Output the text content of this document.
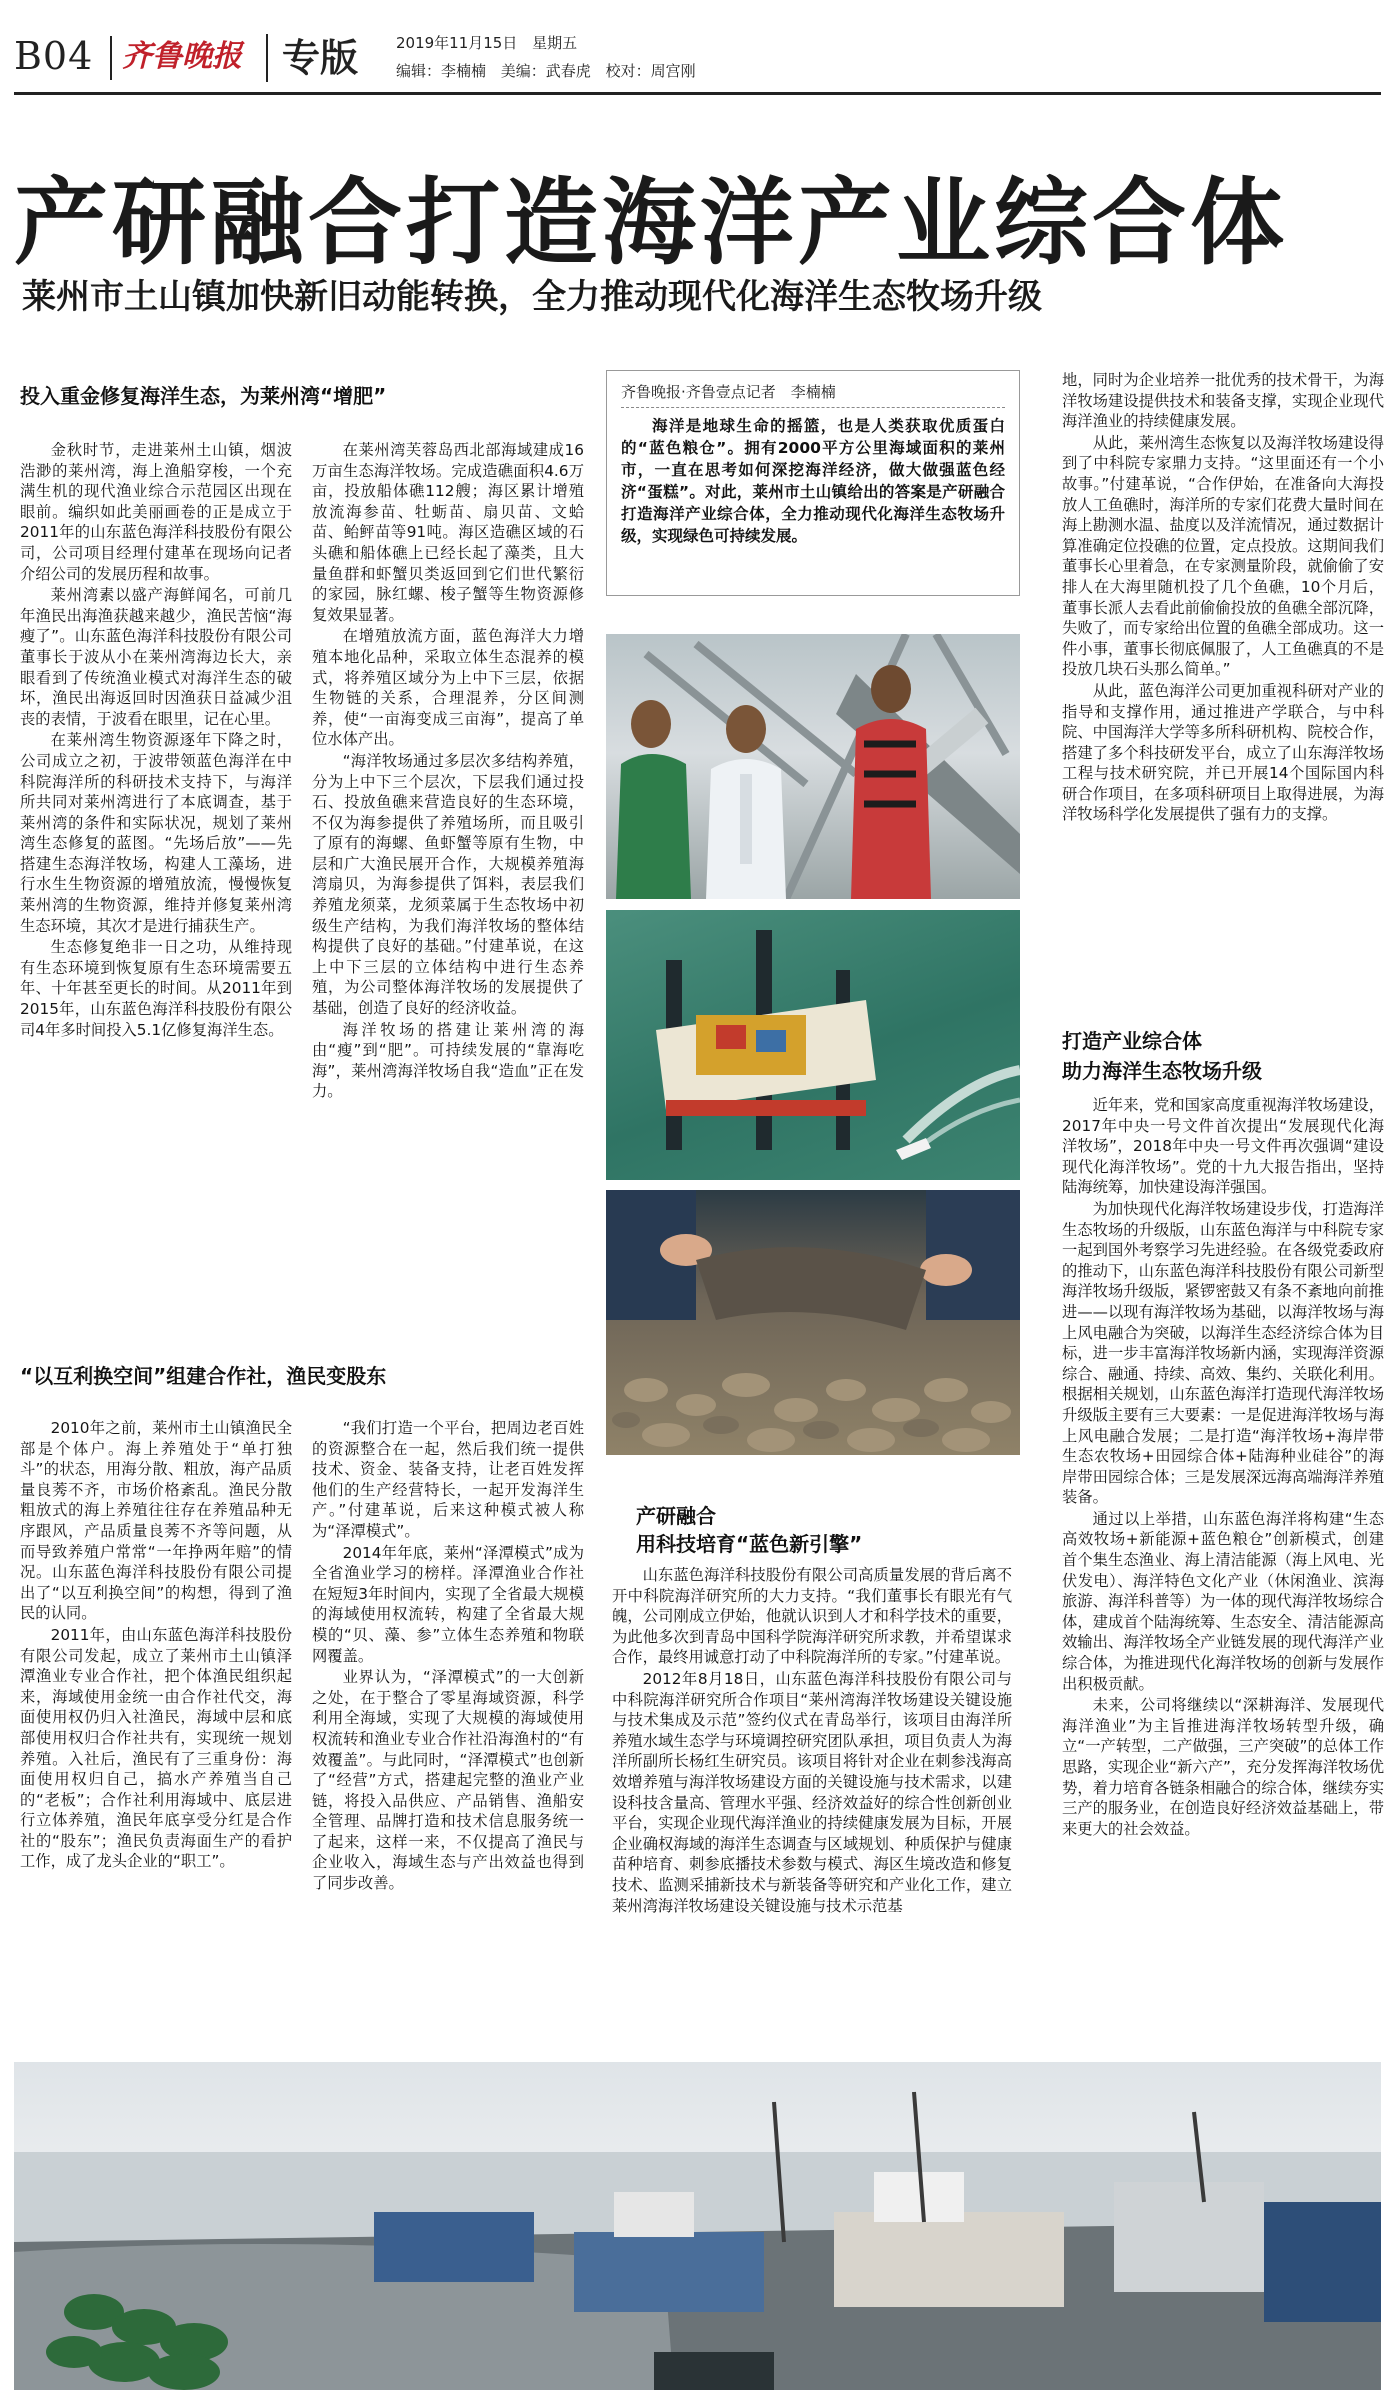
B04 齐鲁晚报	专版	2019年11月15日 星期五
编辑：李楠楠 美编：武春虎 校对：周宫刚
产研融合打造海洋产业综合体
莱州市土山镇加快新旧动能转换，全力推动现代化海洋生态牧场升级
投入重金修复海洋生态，为莱州湾“增肥”

金秋时节，走进莱州土山镇，烟波浩渺的莱州湾，海上渔船穿梭，一个充满生机的现代渔业综合示范园区出现在眼前。编织如此美丽画卷的正是成立于2011年的山东蓝色海洋科技股份有限公司，公司项目经理付建革在现场向记者介绍公司的发展历程和故事。

莱州湾素以盛产海鲜闻名，可前几年渔民出海渔获越来越少，渔民苦恼“海瘦了”。山东蓝色海洋科技股份有限公司董事长于波从小在莱州湾海边长大，亲眼看到了传统渔业模式对海洋生态的破坏，渔民出海返回时因渔获日益减少沮丧的表情，于波看在眼里，记在心里。

在莱州湾生物资源逐年下降之时，公司成立之初，于波带领蓝色海洋在中科院海洋所的科研技术支持下，与海洋所共同对莱州湾进行了本底调查，基于莱州湾的条件和实际状况，规划了莱州湾生态修复的蓝图。“先场后放”——先搭建生态海洋牧场，构建人工藻场，进行水生生物资源的增殖放流，慢慢恢复莱州湾的生物资源，维持并修复莱州湾生态环境，其次才是进行捕获生产。

生态修复绝非一日之功，从维持现有生态环境到恢复原有生态环境需要五年、十年甚至更长的时间。从2011年到2015年，山东蓝色海洋科技股份有限公司4年多时间投入5.1亿修复海洋生态。

在莱州湾芙蓉岛西北部海域建成16万亩生态海洋牧场。完成造礁面积4.6万亩，投放船体礁112艘；海区累计增殖放流海参苗、牡蛎苗、扇贝苗、文蛤苗、鲐鲆苗等91吨。海区造礁区域的石头礁和船体礁上已经长起了藻类，且大量鱼群和虾蟹贝类返回到它们世代繁衍的家园，脉红螺、梭子蟹等生物资源修复效果显著。

在增殖放流方面，蓝色海洋大力增殖本地化品种，采取立体生态混养的模式，将养殖区域分为上中下三层，依据生物链的关系，合理混养，分区间测养，使“一亩海变成三亩海”，提高了单位水体产出。

“海洋牧场通过多层次多结构养殖，分为上中下三个层次，下层我们通过投石、投放鱼礁来营造良好的生态环境，不仅为海参提供了养殖场所，而且吸引了原有的海螺、鱼虾蟹等原有生物，中层和广大渔民展开合作，大规模养殖海湾扇贝，为海参提供了饵料，表层我们养殖龙须菜，龙须菜属于生态牧场中初级生产结构，为我们海洋牧场的整体结构提供了良好的基础。”付建革说，在这上中下三层的立体结构中进行生态养殖，为公司整体海洋牧场的发展提供了基础，创造了良好的经济收益。

海洋牧场的搭建让莱州湾的海由“瘦”到“肥”。可持续发展的“靠海吃海”，莱州湾海洋牧场自我“造血”正在发力。

“以互利换空间”组建合作社，渔民变股东

2010年之前，莱州市土山镇渔民全部是个体户。海上养殖处于“单打独斗”的状态，用海分散、粗放，海产品质量良莠不齐，市场价格紊乱。渔民分散粗放式的海上养殖往往存在养殖品种无序跟风，产品质量良莠不齐等问题，从而导致养殖户常常“一年挣两年赔”的情况。山东蓝色海洋科技股份有限公司提出了“以互利换空间”的构想，得到了渔民的认同。

2011年，由山东蓝色海洋科技股份有限公司发起，成立了莱州市土山镇泽潭渔业专业合作社，把个体渔民组织起来，海域使用金统一由合作社代交，海面使用权仍归入社渔民，海域中层和底部使用权归合作社共有，实现统一规划养殖。入社后，渔民有了三重身份：海面使用权归自己，搞水产养殖当自己的“老板”；合作社利用海域中、底层进行立体养殖，渔民年底享受分红是合作社的“股东”；渔民负责海面生产的看护工作，成了龙头企业的“职工”。

“我们打造一个平台，把周边老百姓的资源整合在一起，然后我们统一提供技术、资金、装备支持，让老百姓发挥他们的生产经营特长，一起开发海洋生产。”付建革说，后来这种模式被人称为“泽潭模式”。

2014年年底，莱州“泽潭模式”成为全省渔业学习的榜样。泽潭渔业合作社在短短3年时间内，实现了全省最大规模的海域使用权流转，构建了全省最大规模的“贝、藻、参”立体生态养殖和物联网覆盖。

业界认为，“泽潭模式”的一大创新之处，在于整合了零星海域资源，科学利用全海域，实现了大规模的海域使用权流转和渔业专业合作社沿海渔村的“有效覆盖”。与此同时，“泽潭模式”也创新了“经营”方式，搭建起完整的渔业产业链，将投入品供应、产品销售、渔船安全管理、品牌打造和技术信息服务统一了起来，这样一来，不仅提高了渔民与企业收入，海域生态与产出效益也得到了同步改善。

齐鲁晚报·齐鲁壹点记者　李楠楠
海洋是地球生命的摇篮，也是人类获取优质蛋白的“蓝色粮仓”。拥有2000平方公里海域面积的莱州市，一直在思考如何深挖海洋经济，做大做强蓝色经济“蛋糕”。对此，莱州市土山镇给出的答案是产研融合打造海洋产业综合体，全力推动现代化海洋生态牧场升级，实现绿色可持续发展。
产研融合
用科技培育“蓝色新引擎”

山东蓝色海洋科技股份有限公司高质量发展的背后离不开中科院海洋研究所的大力支持。“我们董事长有眼光有气魄，公司刚成立伊始，他就认识到人才和科学技术的重要，为此他多次到青岛中国科学院海洋研究所求教，并希望谋求合作，最终用诚意打动了中科院海洋所的专家。”付建革说。

2012年8月18日，山东蓝色海洋科技股份有限公司与中科院海洋研究所合作项目“莱州湾海洋牧场建设关键设施与技术集成及示范”签约仪式在青岛举行，该项目由海洋所养殖水域生态学与环境调控研究团队承担，项目负责人为海洋所副所长杨红生研究员。该项目将针对企业在刺参浅海高效增养殖与海洋牧场建设方面的关键设施与技术需求，以建设科技含量高、管理水平强、经济效益好的综合性创新创业平台，实现企业现代海洋渔业的持续健康发展为目标，开展企业确权海域的海洋生态调查与区域规划、种质保护与健康苗种培育、刺参底播技术参数与模式、海区生境改造和修复技术、监测采捕新技术与新装备等研究和产业化工作，建立莱州湾海洋牧场建设关键设施与技术示范基

地，同时为企业培养一批优秀的技术骨干，为海洋牧场建设提供技术和装备支撑，实现企业现代海洋渔业的持续健康发展。

从此，莱州湾生态恢复以及海洋牧场建设得到了中科院专家鼎力支持。“这里面还有一个小故事。”付建革说，“合作伊始，在准备向大海投放人工鱼礁时，海洋所的专家们花费大量时间在海上勘测水温、盐度以及洋流情况，通过数据计算准确定位投礁的位置，定点投放。这期间我们董事长心里着急，在专家测量阶段，就偷偷了安排人在大海里随机投了几个鱼礁，10个月后，董事长派人去看此前偷偷投放的鱼礁全部沉降，失败了，而专家给出位置的鱼礁全部成功。这一件小事，董事长彻底佩服了，人工鱼礁真的不是投放几块石头那么简单。”

从此，蓝色海洋公司更加重视科研对产业的指导和支撑作用，通过推进产学联合，与中科院、中国海洋大学等多所科研机构、院校合作，搭建了多个科技研发平台，成立了山东海洋牧场工程与技术研究院，并已开展14个国际国内科研合作项目，在多项科研项目上取得进展，为海洋牧场科学化发展提供了强有力的支撑。

打造产业综合体
助力海洋生态牧场升级

近年来，党和国家高度重视海洋牧场建设，2017年中央一号文件首次提出“发展现代化海洋牧场”，2018年中央一号文件再次强调“建设现代化海洋牧场”。党的十九大报告指出，坚持陆海统筹，加快建设海洋强国。

为加快现代化海洋牧场建设步伐，打造海洋生态牧场的升级版，山东蓝色海洋与中科院专家一起到国外考察学习先进经验。在各级党委政府的推动下，山东蓝色海洋科技股份有限公司新型海洋牧场升级版，紧锣密鼓又有条不紊地向前推进——以现有海洋牧场为基础，以海洋牧场与海上风电融合为突破，以海洋生态经济综合体为目标，进一步丰富海洋牧场新内涵，实现海洋资源综合、融通、持续、高效、集约、关联化利用。根据相关规划，山东蓝色海洋打造现代海洋牧场升级版主要有三大要素：一是促进海洋牧场与海上风电融合发展；二是打造“海洋牧场+海岸带生态农牧场+田园综合体+陆海种业硅谷”的海岸带田园综合体；三是发展深远海高端海洋养殖装备。

通过以上举措，山东蓝色海洋将构建“生态高效牧场+新能源+蓝色粮仓”创新模式，创建首个集生态渔业、海上清洁能源（海上风电、光伏发电）、海洋特色文化产业（休闲渔业、滨海旅游、海洋科普等）为一体的现代海洋牧场综合体，建成首个陆海统筹、生态安全、清洁能源高效输出、海洋牧场全产业链发展的现代海洋产业综合体，为推进现代化海洋牧场的创新与发展作出积极贡献。

未来，公司将继续以“深耕海洋、发展现代海洋渔业”为主旨推进海洋牧场转型升级，确立“一产转型，二产做强，三产突破”的总体工作思路，实现企业“新六产”，充分发挥海洋牧场优势，着力培育各链条相融合的综合体，继续夯实三产的服务业，在创造良好经济效益基础上，带来更大的社会效益。
